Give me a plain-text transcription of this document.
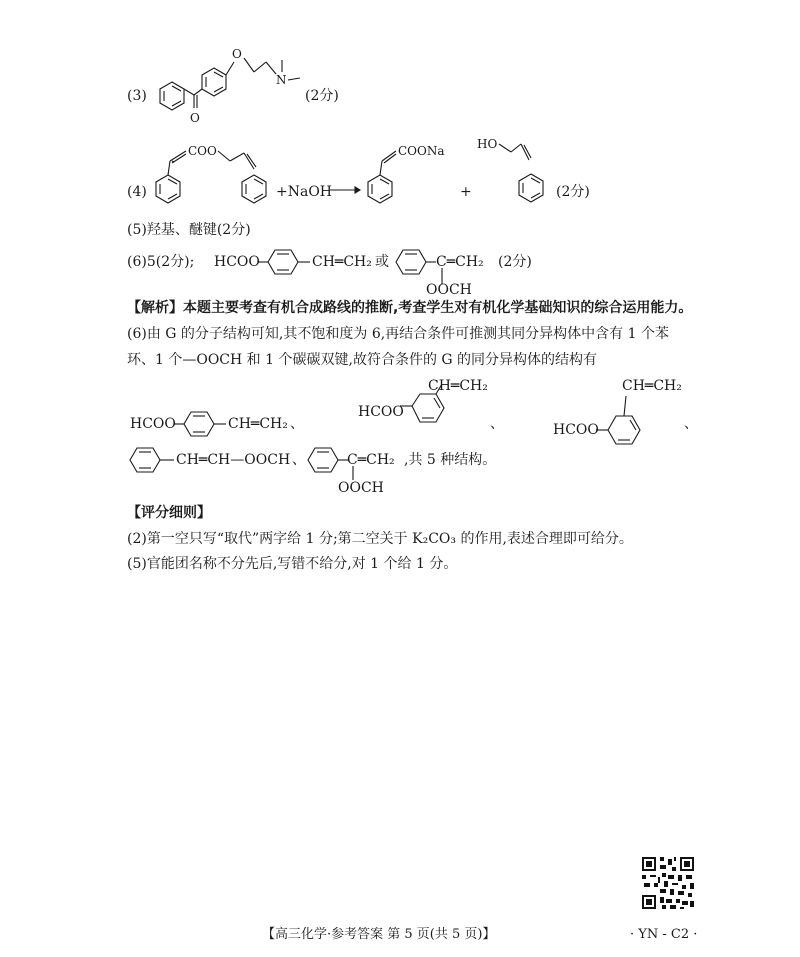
(3)
O
O
N
(2分)
(4)
COO
+NaOH
COONa
+
HO
(2分)
(5)羟基、醚键(2分)
(6)5(2分); HCOO	CH═CH₂ 或	C═CH₂
OOCH
(2分)
【解析】本题主要考查有机合成路线的推断,考查学生对有机化学基础知识的综合运用能力。
(6)由 G 的分子结构可知,其不饱和度为 6,再结合条件可推测其同分异构体中含有 1 个苯
环、1 个—OOCH 和 1 个碳碳双键,故符合条件的 G 的同分异构体的结构有
HCOO	CH═CH₂ 、
CH═CH₂
HCOO
、
CH═CH₂
HCOO	、
CH═CH—OOCH 、	C═CH₂
OOCH
,共 5 种结构。
【评分细则】
(2)第一空只写“取代”两字给 1 分;第二空关于 K₂CO₃ 的作用,表述合理即可给分。
(5)官能团名称不分先后,写错不给分,对 1 个给 1 分。
【高三化学·参考答案 第 5 页(共 5 页)】	· YN - C2 ·
